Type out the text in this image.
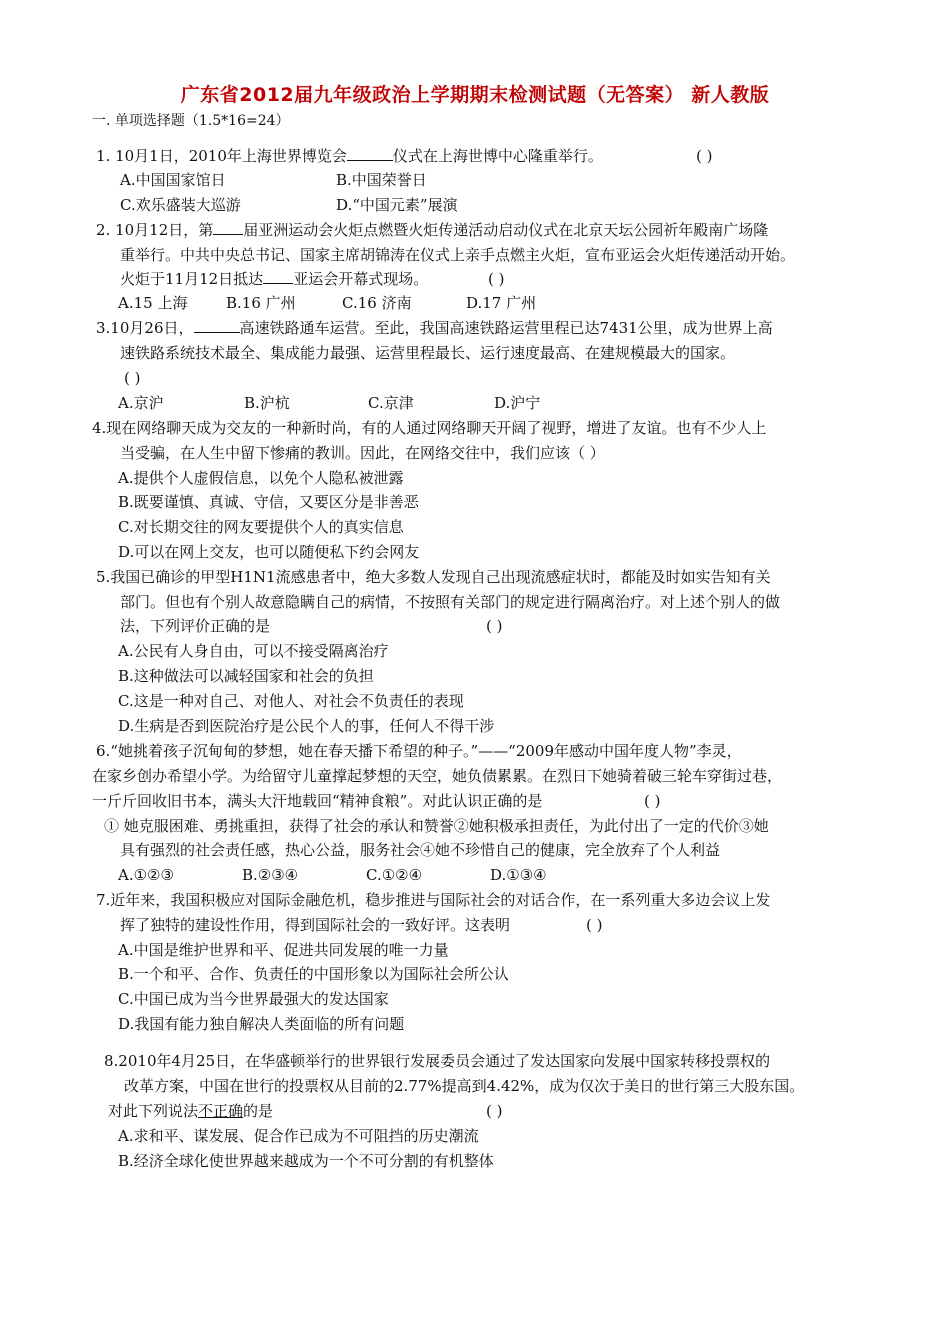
广东省2012届九年级政治上学期期末检测试题（无答案） 新人教版
一. 单项选择题（1.5*16=24）
1. 10月1日，2010年上海世界博览会	仪式在上海世博中心隆重举行。	( )
A.中国国家馆日	B.中国荣誉日
C.欢乐盛装大巡游	D.“中国元素”展演
2. 10月12日，第 届亚洲运动会火炬点燃暨火炬传递活动启动仪式在北京天坛公园祈年殿南广场隆
重举行。中共中央总书记、国家主席胡锦涛在仪式上亲手点燃主火炬，宣布亚运会火炬传递活动开始。
火炬于11月12日抵达 亚运会开幕式现场。	( )
A.15 上海	B.16 广州	C.16 济南	D.17 广州
3.10月26日，	高速铁路通车运营。至此，我国高速铁路运营里程已达7431公里，成为世界上高
速铁路系统技术最全、集成能力最强、运营里程最长、运行速度最高、在建规模最大的国家。
( )
A.京沪	B.沪杭	C.京津	D.沪宁
4.现在网络聊天成为交友的一种新时尚，有的人通过网络聊天开阔了视野，增进了友谊。也有不少人上
当受骗，在人生中留下惨痛的教训。因此，在网络交往中，我们应该（ ）
A.提供个人虚假信息，以免个人隐私被泄露
B.既要谨慎、真诚、守信，又要区分是非善恶
C.对长期交往的网友要提供个人的真实信息
D.可以在网上交友，也可以随便私下约会网友
5.我国已确诊的甲型H1N1流感患者中，绝大多数人发现自己出现流感症状时，都能及时如实告知有关
部门。但也有个别人故意隐瞒自己的病情，不按照有关部门的规定进行隔离治疗。对上述个别人的做
法，下列评价正确的是	( )
A.公民有人身自由，可以不接受隔离治疗
B.这种做法可以减轻国家和社会的负担
C.这是一种对自己、对他人、对社会不负责任的表现
D.生病是否到医院治疗是公民个人的事，任何人不得干涉
6.“她挑着孩子沉甸甸的梦想，她在春天播下希望的种子。”——“2009年感动中国年度人物”李灵，
在家乡创办希望小学。为给留守儿童撑起梦想的天空，她负债累累。在烈日下她骑着破三轮车穿街过巷，
一斤斤回收旧书本，满头大汗地载回“精神食粮”。对此认识正确的是	( )
① 她克服困难、勇挑重担，获得了社会的承认和赞誉②她积极承担责任，为此付出了一定的代价③她
具有强烈的社会责任感，热心公益，服务社会④她不珍惜自己的健康，完全放弃了个人利益
A.①②③	B.②③④	C.①②④	D.①③④
7.近年来，我国积极应对国际金融危机，稳步推进与国际社会的对话合作，在一系列重大多边会议上发
挥了独特的建设性作用，得到国际社会的一致好评。这表明	( )
A.中国是维护世界和平、促进共同发展的唯一力量
B.一个和平、合作、负责任的中国形象以为国际社会所公认
C.中国已成为当今世界最强大的发达国家
D.我国有能力独自解决人类面临的所有问题
8.2010年4月25日，在华盛顿举行的世界银行发展委员会通过了发达国家向发展中国家转移投票权的
改革方案，中国在世行的投票权从目前的2.77%提高到4.42%，成为仅次于美日的世行第三大股东国。
对此下列说法不正确的是	( )
A.求和平、谋发展、促合作已成为不可阻挡的历史潮流
B.经济全球化使世界越来越成为一个不可分割的有机整体
